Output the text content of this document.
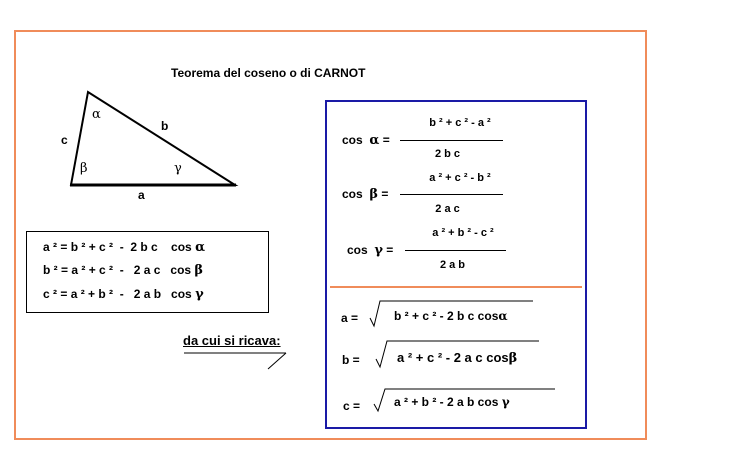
Teorema del coseno o di CARNOT
c
b
a
α
β	γ
a ² = b ² + c ²  -  2 b c    cos α
b ² = a ² + c ²  -   2 a c   cos β
c ² = a ² + b ²  -   2 a b   cos γ
da cui si ricava:
cos α =
b ² + c ² - a ²
2 b c
cos β =
a ² + c ² - b ²
2 a c
cos γ =
a ² + b ² - c ²
2 a b
a =	b ² + c ² - 2 b c cosα
b =	a ² + c ² - 2 a c cosβ
c =	a ² + b ² - 2 a b cos γ
